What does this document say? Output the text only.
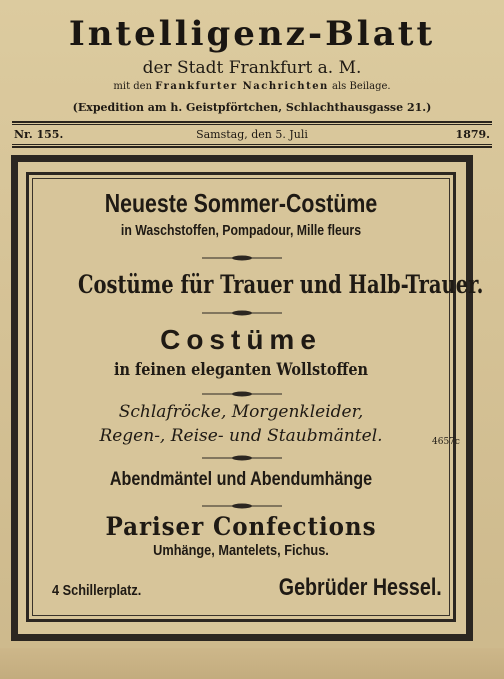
Intelligenz-Blatt
der Stadt Frankfurt a. M.
mit den Frankfurter Nachrichten als Beilage.
(Expedition am h. Geistpförtchen, Schlachthausgasse 21.)
Nr. 155.	Samstag, den 5. Juli	1879.
Neueste Sommer-Costüme
in Waschstoffen, Pompadour, Mille fleurs
Costüme für Trauer und Halb-Trauer.
Costüme
in feinen eleganten Wollstoffen
Schlafröcke, Morgenkleider,
Regen-, Reise- und Staubmäntel.	4657c
Abendmäntel und Abendumhänge
Pariser Confections
Umhänge, Mantelets, Fichus.
4 Schillerplatz.	Gebrüder Hessel.
